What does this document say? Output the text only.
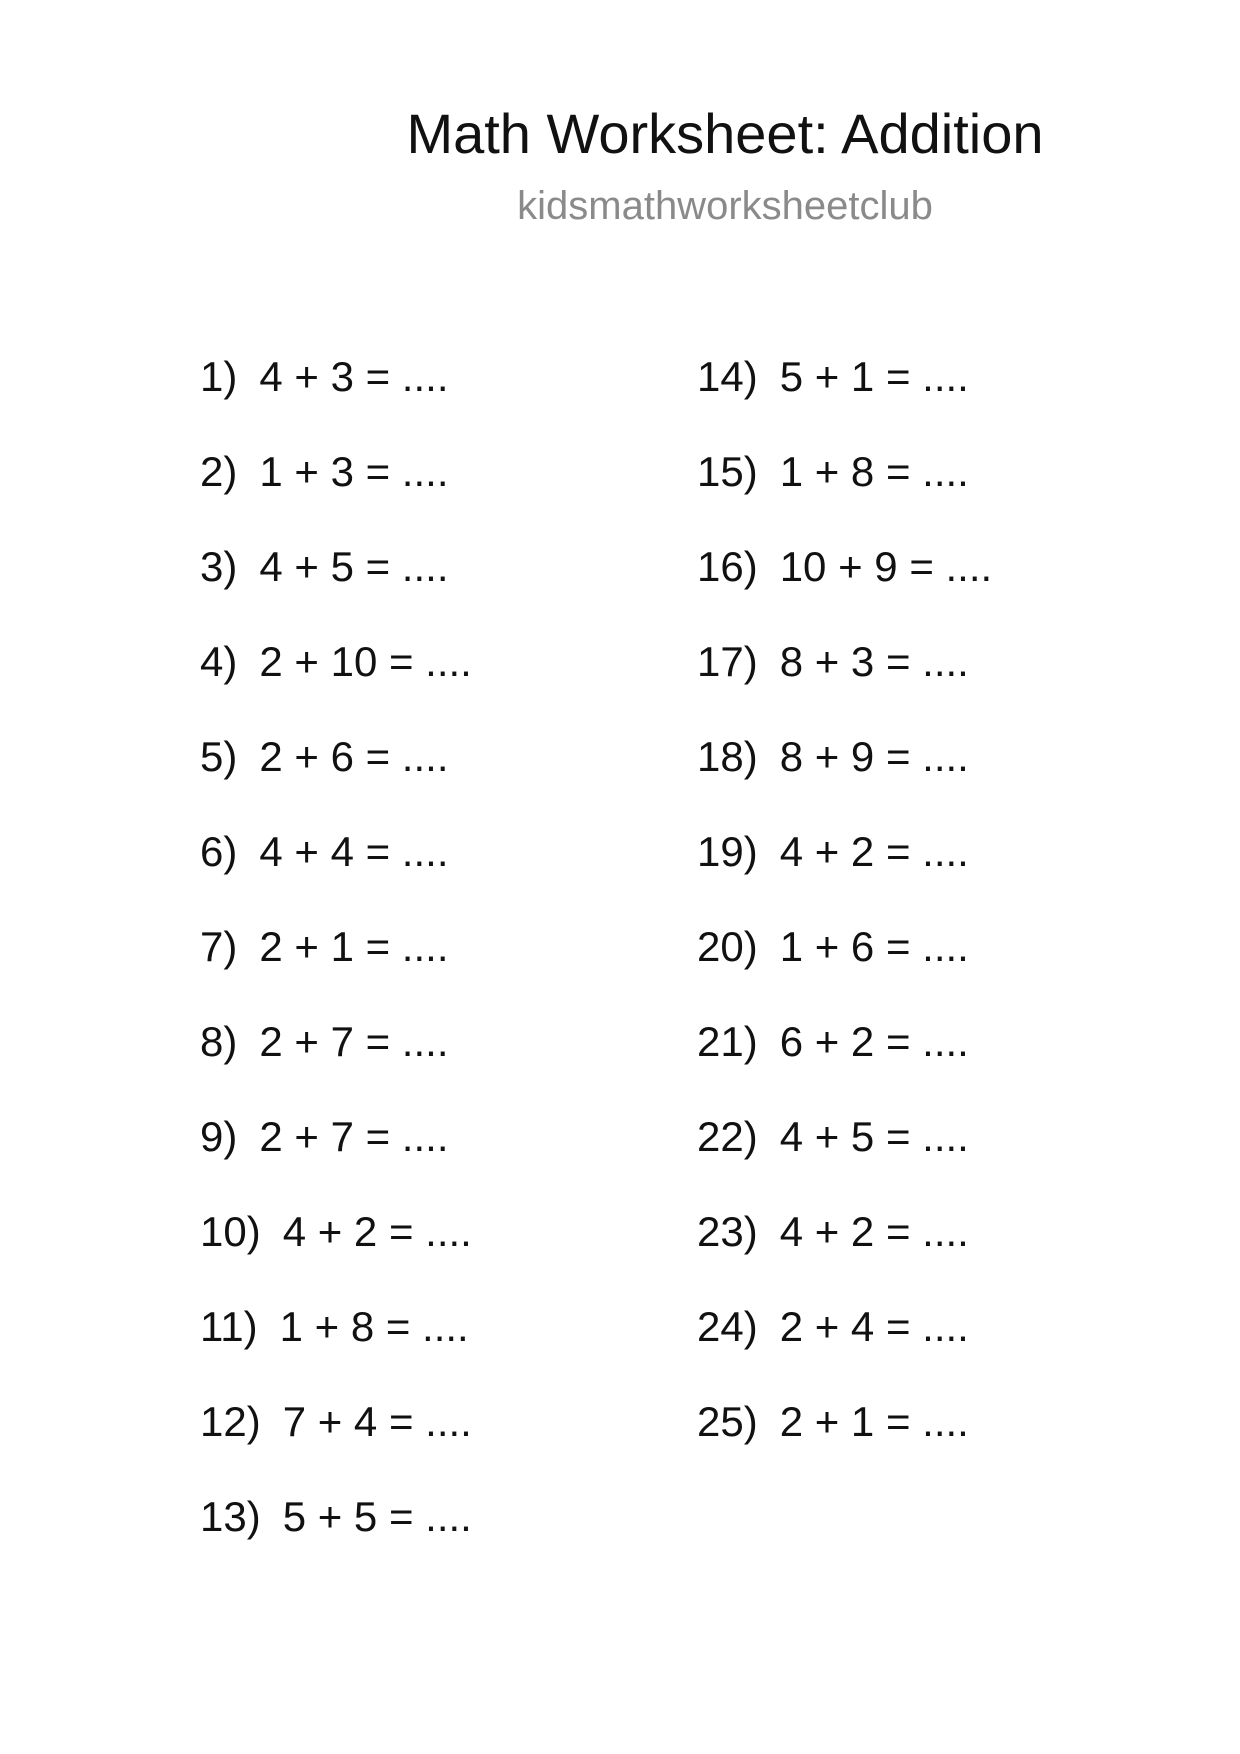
Math Worksheet: Addition
kidsmathworksheetclub
1) 4 + 3 = ....
2) 1 + 3 = ....
3) 4 + 5 = ....
4) 2 + 10 = ....
5) 2 + 6 = ....
6) 4 + 4 = ....
7) 2 + 1 = ....
8) 2 + 7 = ....
9) 2 + 7 = ....
10) 4 + 2 = ....
11) 1 + 8 = ....
12) 7 + 4 = ....
13) 5 + 5 = ....
14) 5 + 1 = ....
15) 1 + 8 = ....
16) 10 + 9 = ....
17) 8 + 3 = ....
18) 8 + 9 = ....
19) 4 + 2 = ....
20) 1 + 6 = ....
21) 6 + 2 = ....
22) 4 + 5 = ....
23) 4 + 2 = ....
24) 2 + 4 = ....
25) 2 + 1 = ....
